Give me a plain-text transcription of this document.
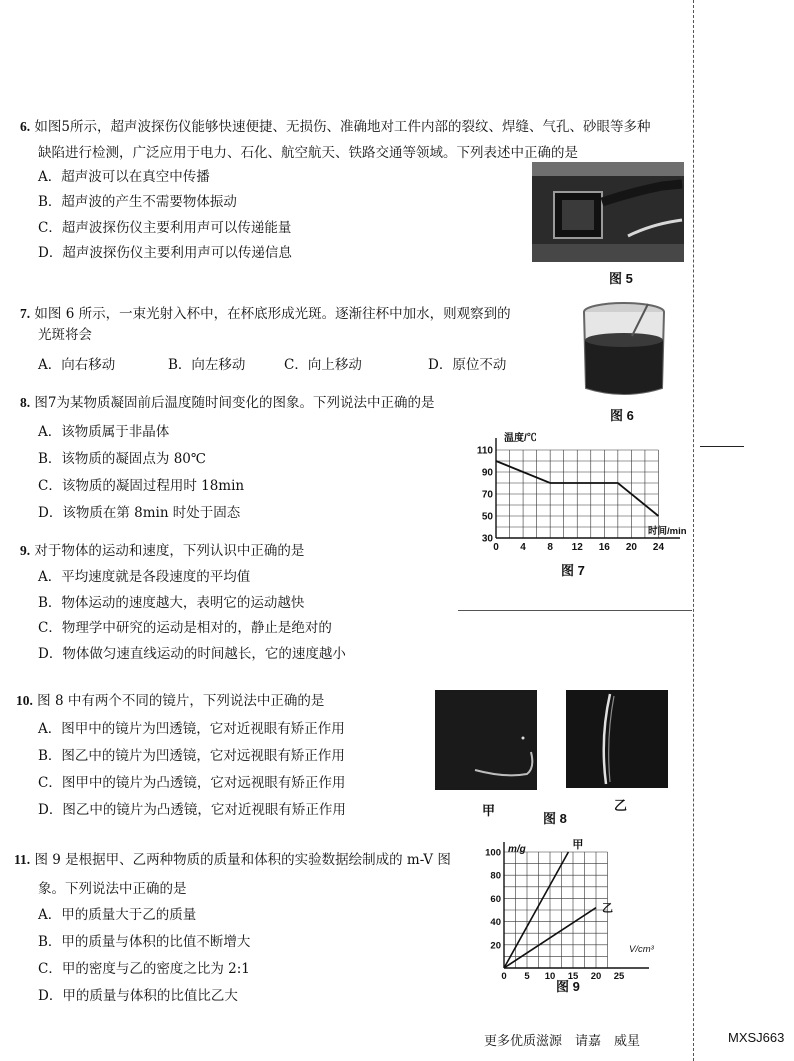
6. 如图5所示，超声波探伤仪能够快速便捷、无损伤、准确地对工件内部的裂纹、焊缝、气孔、砂眼等多种
缺陷进行检测，广泛应用于电力、石化、航空航天、铁路交通等领域。下列表述中正确的是
A．超声波可以在真空中传播
B．超声波的产生不需要物体振动
C．超声波探伤仪主要利用声可以传递能量
D．超声波探伤仪主要利用声可以传递信息
图 5
7. 如图 6 所示，一束光射入杯中，在杯底形成光斑。逐渐往杯中加水，则观察到的
光斑将会
A．向右移动	B．向左移动	C．向上移动	D．原位不动
图 6
8. 图7为某物质凝固前后温度随时间变化的图象。下列说法中正确的是
A．该物质属于非晶体
B．该物质的凝固点为 80℃
C．该物质的凝固过程用时 18min
D．该物质在第 8min 时处于固态
0 4 8 12 16 20 24
30
50
70
90
110
温度/℃
时间/min
图 7
9. 对于物体的运动和速度，下列认识中正确的是
A．平均速度就是各段速度的平均值
B．物体运动的速度越大，表明它的运动越快
C．物理学中研究的运动是相对的，静止是绝对的
D．物体做匀速直线运动的时间越长，它的速度越小
10. 图 8 中有两个不同的镜片，下列说法中正确的是
A．图甲中的镜片为凹透镜，它对近视眼有矫正作用
B．图乙中的镜片为凹透镜，它对远视眼有矫正作用
C．图甲中的镜片为凸透镜，它对远视眼有矫正作用
D．图乙中的镜片为凸透镜，它对近视眼有矫正作用	甲	乙
图 8
11. 图 9 是根据甲、乙两种物质的质量和体积的实验数据绘制成的 m-V 图
象。下列说法中正确的是
A．甲的质量大于乙的质量
B．甲的质量与体积的比值不断增大
C．甲的密度与乙的密度之比为 2:1
D．甲的质量与体积的比值比乙大
0 5 10 15 20 25
20
40
60
80
100
甲
乙
m/g
V/cm³
图 9
更多优质滋源　请嘉　威星	MXSJ663
